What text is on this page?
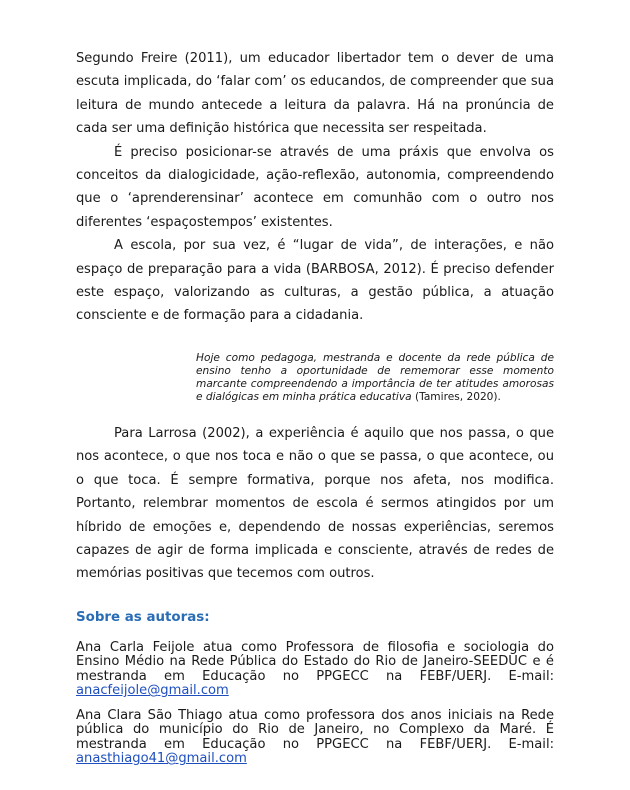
Segundo Freire (2011), um educador libertador tem o dever de uma escuta implicada, do ‘falar com’ os educandos, de compreender que sua leitura de mundo antecede a leitura da palavra. Há na pronúncia de cada ser uma definição histórica que necessita ser respeitada.

É preciso posicionar-se através de uma práxis que envolva os conceitos da dialogicidade, ação-reflexão, autonomia, compreendendo que o ‘aprenderensinar’ acontece em comunhão com o outro nos diferentes ‘espaçostempos’ existentes.

A escola, por sua vez, é “lugar de vida”, de interações, e não espaço de preparação para a vida (BARBOSA, 2012). É preciso defender este espaço, valorizando as culturas, a gestão pública, a atuação consciente e de formação para a cidadania.

Hoje como pedagoga, mestranda e docente da rede pública de ensino tenho a oportunidade de rememorar esse momento marcante compreendendo a importância de ter atitudes amorosas e dialógicas em minha prática educativa (Tamires, 2020).

Para Larrosa (2002), a experiência é aquilo que nos passa, o que nos acontece, o que nos toca e não o que se passa, o que acontece, ou o que toca. É sempre formativa, porque nos afeta, nos modifica. Portanto, relembrar momentos de escola é sermos atingidos por um híbrido de emoções e, dependendo de nossas experiências, seremos capazes de agir de forma implicada e consciente, através de redes de memórias positivas que tecemos com outros.

Sobre as autoras:

Ana Carla Feijole atua como Professora de filosofia e sociologia do Ensino Médio na Rede Pública do Estado do Rio de Janeiro-SEEDUC e é mestranda em Educação no PPGECC na FEBF/UERJ. E-mail: anacfeijole@gmail.com

Ana Clara São Thiago atua como professora dos anos iniciais na Rede pública do município do Rio de Janeiro, no Complexo da Maré. É mestranda em Educação no PPGECC na FEBF/UERJ. E-mail: anasthiago41@gmail.com
